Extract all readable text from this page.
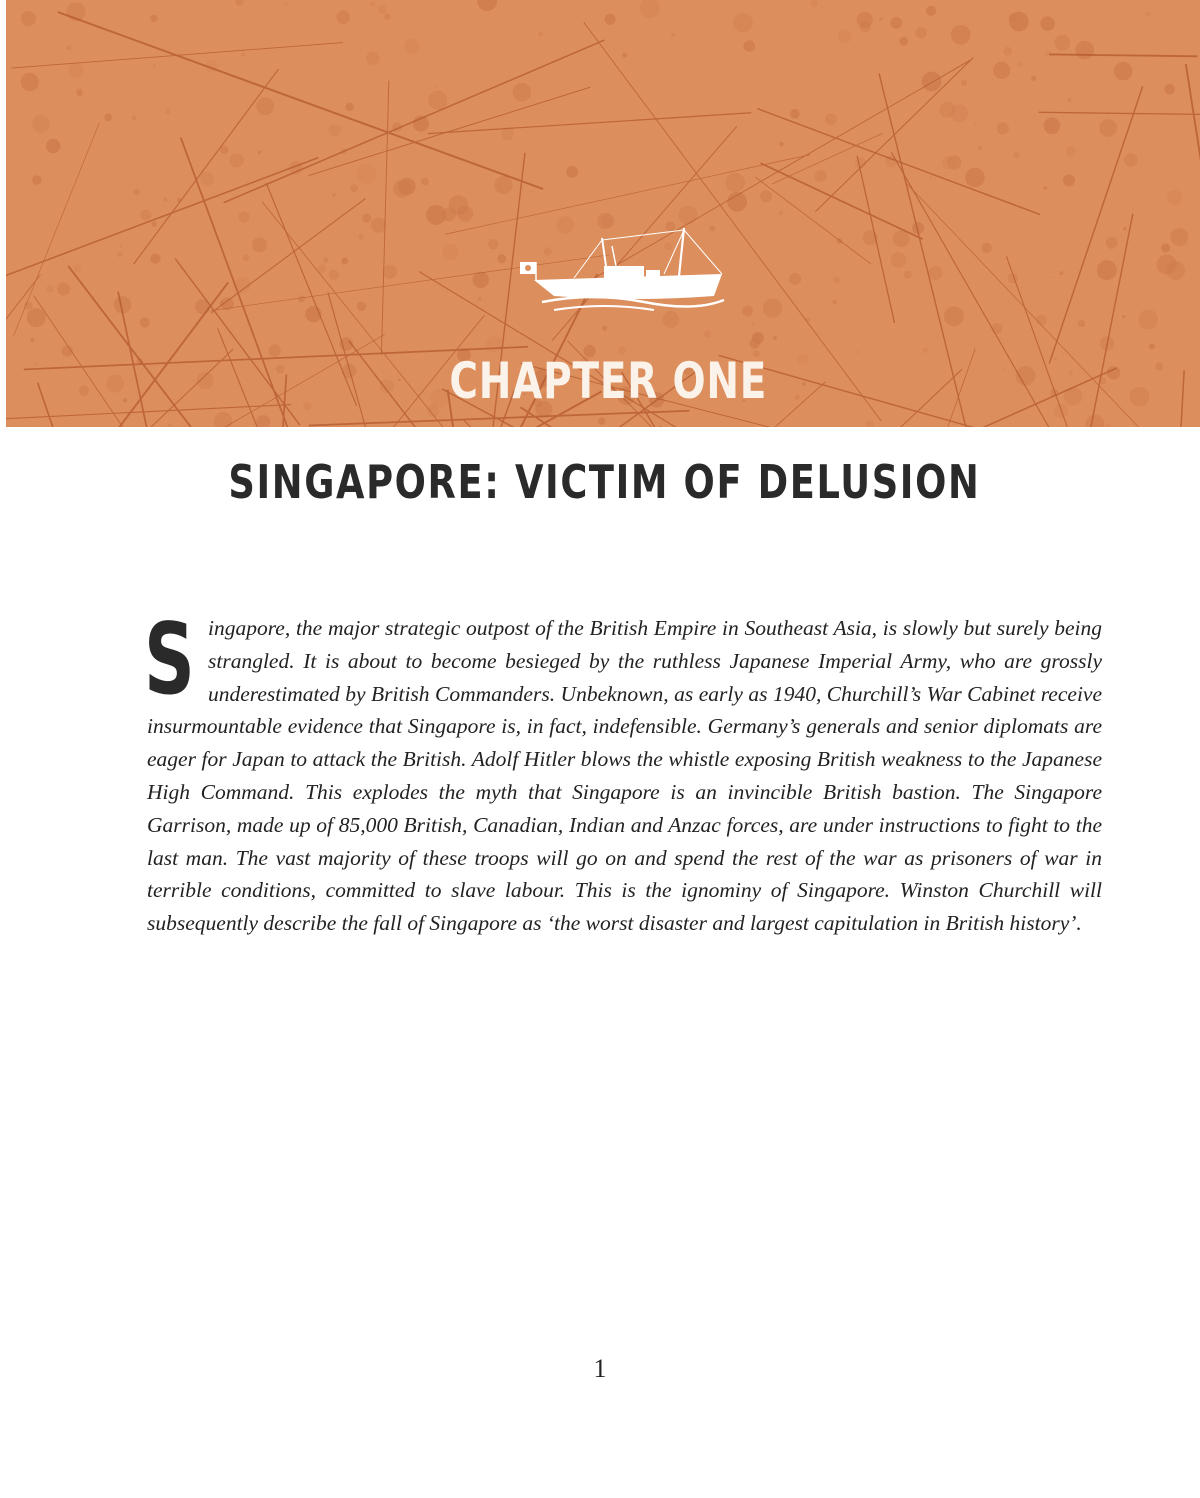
CHAPTER ONE
SINGAPORE: VICTIM OF DELUSION

Singapore, the major strategic outpost of the British Empire in Southeast Asia, is slowly but surely being strangled. It is about to become besieged by the ruthless Japanese Imperial Army, who are grossly underestimated by British Commanders. Unbeknown, as early as 1940, Churchill’s War Cabinet receive insurmountable evidence that Singapore is, in fact, indefensible. Germany’s generals and senior diplomats are eager for Japan to attack the British. Adolf Hitler blows the whistle exposing British weakness to the Japanese High Command. This explodes the myth that Singapore is an invincible British bastion. The Singapore Garrison, made up of 85,000 British, Canadian, Indian and Anzac forces, are under instructions to fight to the last man. The vast majority of these troops will go on and spend the rest of the war as prisoners of war in terrible conditions, committed to slave labour. This is the ignominy of Singapore. Winston Churchill will subsequently describe the fall of Singapore as ‘the worst disaster and largest capitulation in British history’.

1
